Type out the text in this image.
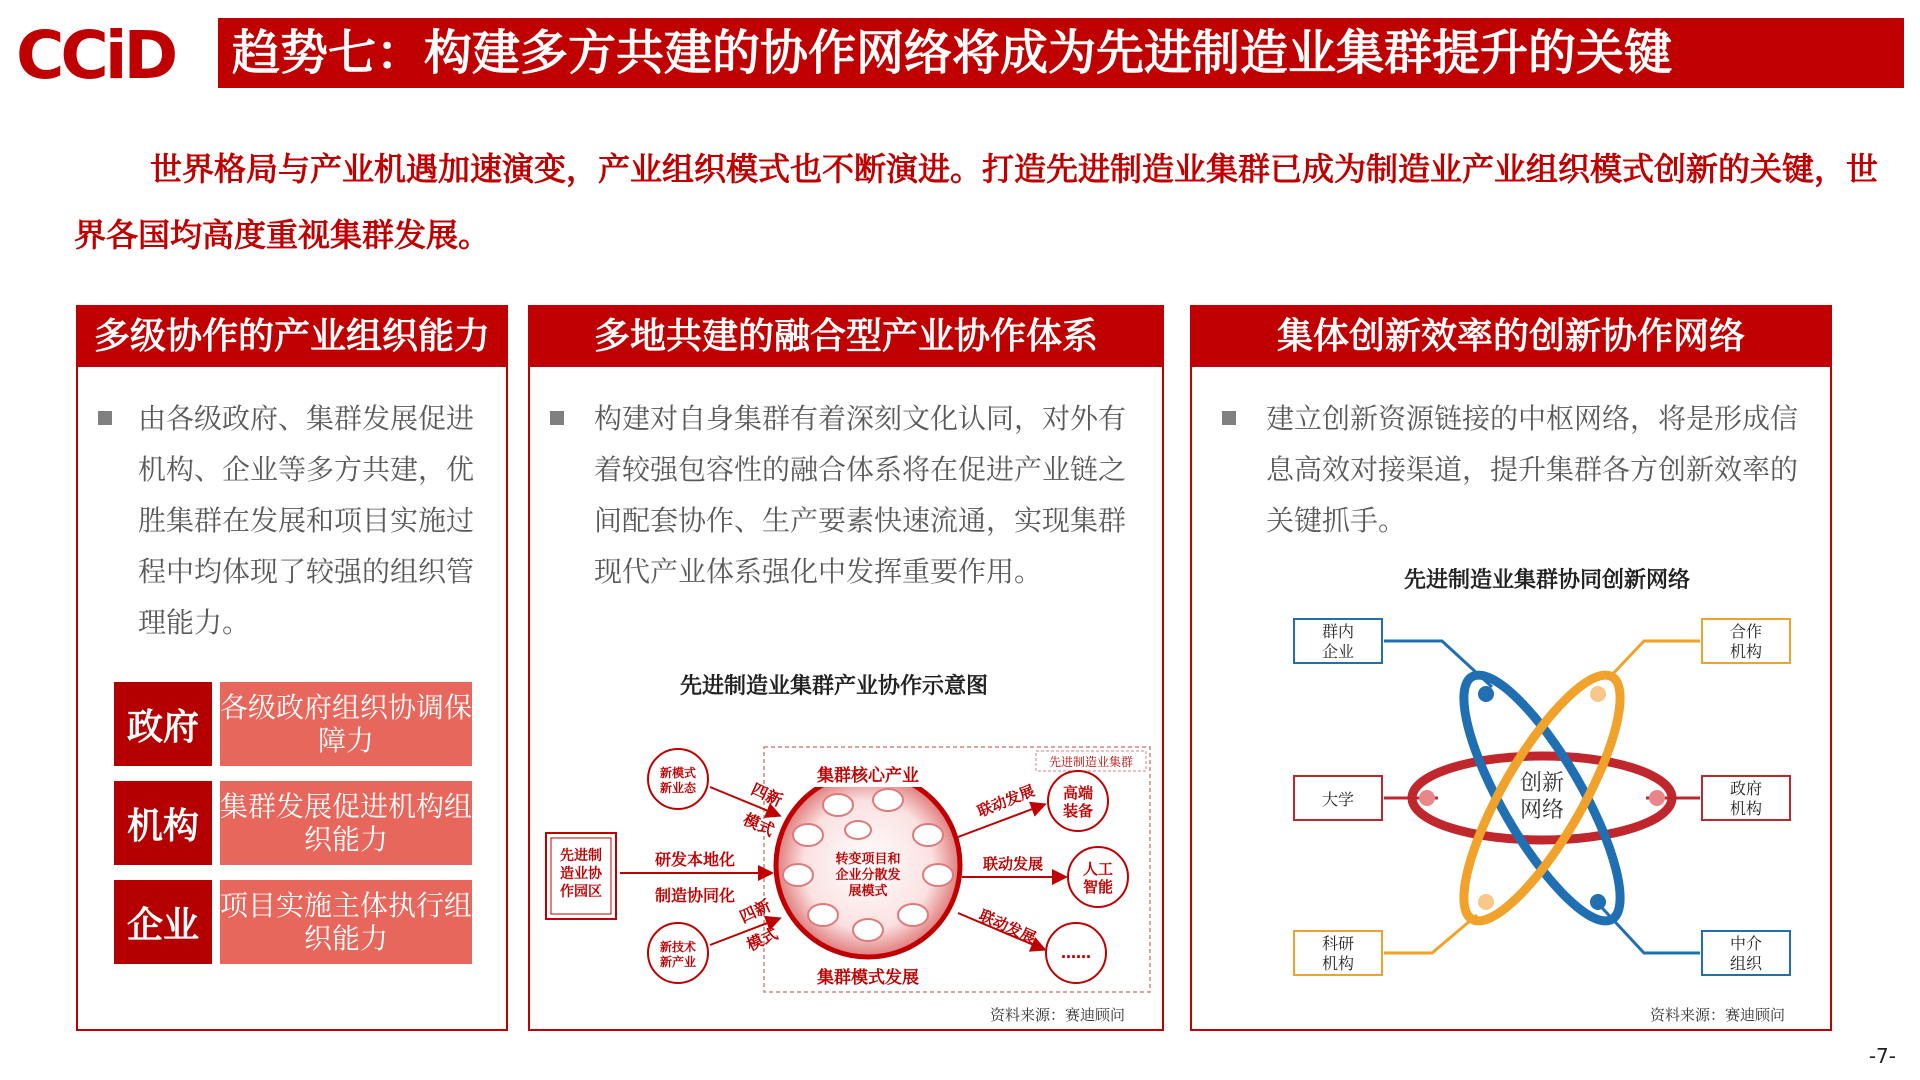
CCiD 趋势七：构建多方共建的协作网络将成为先进制造业集群提升的关键
世界格局与产业机遇加速演变，产业组织模式也不断演进。打造先进制造业集群已成为制造业产业组织模式创新的关键，世界各国均高度重视集群发展。
多级协作的产业组织能力
由各级政府、集群发展促进机构、企业等多方共建，优胜集群在发展和项目实施过程中均体现了较强的组织管理能力。
政府 各级政府组织协调保障力
机构 集群发展促进机构组织能力
企业 项目实施主体执行组织能力
多地共建的融合型产业协作体系
构建对自身集群有着深刻文化认同，对外有着较强包容性的融合体系将在促进产业链之间配套协作、生产要素快速流通，实现集群现代产业体系强化中发挥重要作用。
先进制造业集群产业协作示意图
先进制造业集群
转变项目和企业分散发展模式
集群核心产业
集群模式发展
先进制造业协作园区
研发本地化制造协同化
新模式新业态
新技术新产业
四新
模式
四新
模式
高端装备
人工智能
……
联动发展
联动发展
联动发展
资料来源：赛迪顾问
集体创新效率的创新协作网络
建立创新资源链接的中枢网络，将是形成信息高效对接渠道，提升集群各方创新效率的关键抓手。
先进制造业集群协同创新网络
创新
网络
群内
企业
合作
机构
大学
政府
机构
科研
机构
中介
组织
资料来源：赛迪顾问
-7-
